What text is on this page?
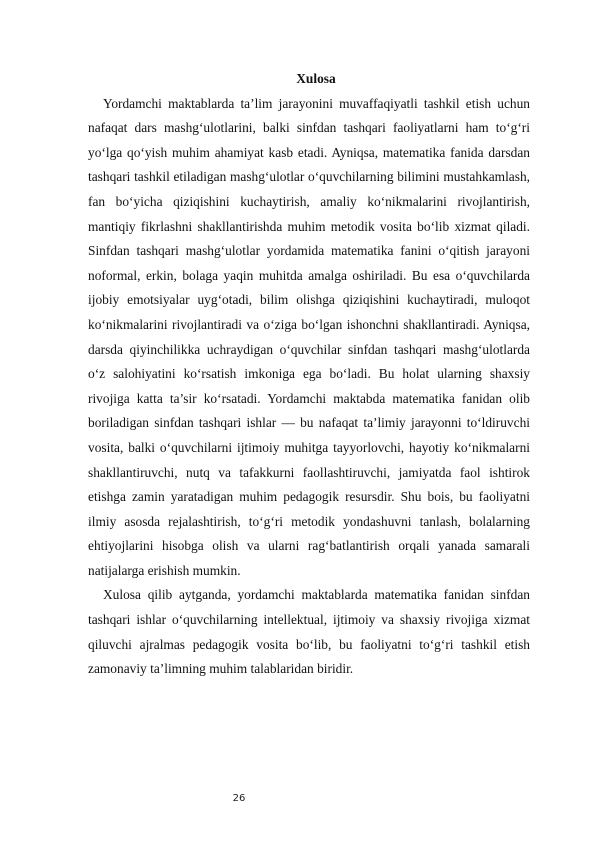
Xulosa

Yordamchi maktablarda ta’lim jarayonini muvaffaqiyatli tashkil etish uchun nafaqat dars mashg‘ulotlarini, balki sinfdan tashqari faoliyatlarni ham to‘g‘ri yo‘lga qo‘yish muhim ahamiyat kasb etadi. Ayniqsa, matematika fanida darsdan tashqari tashkil etiladigan mashg‘ulotlar o‘quvchilarning bilimini mustahkamlash, fan bo‘yicha qiziqishini kuchaytirish, amaliy ko‘nikmalarini rivojlantirish, mantiqiy fikrlashni shakllantirishda muhim metodik vosita bo‘lib xizmat qiladi. Sinfdan tashqari mashg‘ulotlar yordamida matematika fanini o‘qitish jarayoni noformal, erkin, bolaga yaqin muhitda amalga oshiriladi. Bu esa o‘quvchilarda ijobiy emotsiyalar uyg‘otadi, bilim olishga qiziqishini kuchaytiradi, muloqot ko‘nikmalarini rivojlantiradi va o‘ziga bo‘lgan ishonchni shakllantiradi. Ayniqsa, darsda qiyinchilikka uchraydigan o‘quvchilar sinfdan tashqari mashg‘ulotlarda o‘z salohiyatini ko‘rsatish imkoniga ega bo‘ladi. Bu holat ularning shaxsiy rivojiga katta ta’sir ko‘rsatadi. Yordamchi maktabda matematika fanidan olib boriladigan sinfdan tashqari ishlar — bu nafaqat ta’limiy jarayonni to‘ldiruvchi vosita, balki o‘quvchilarni ijtimoiy muhitga tayyorlovchi, hayotiy ko‘nikmalarni shakllantiruvchi, nutq va tafakkurni faollashtiruvchi, jamiyatda faol ishtirok etishga zamin yaratadigan muhim pedagogik resursdir. Shu bois, bu faoliyatni ilmiy asosda rejalashtirish, to‘g‘ri metodik yondashuvni tanlash, bolalarning ehtiyojlarini hisobga olish va ularni rag‘batlantirish orqali yanada samarali natijalarga erishish mumkin.

Xulosa qilib aytganda, yordamchi maktablarda matematika fanidan sinfdan tashqari ishlar o‘quvchilarning intellektual, ijtimoiy va shaxsiy rivojiga xizmat qiluvchi ajralmas pedagogik vosita bo‘lib, bu faoliyatni to‘g‘ri tashkil etish zamonaviy ta’limning muhim talablaridan biridir.

26
